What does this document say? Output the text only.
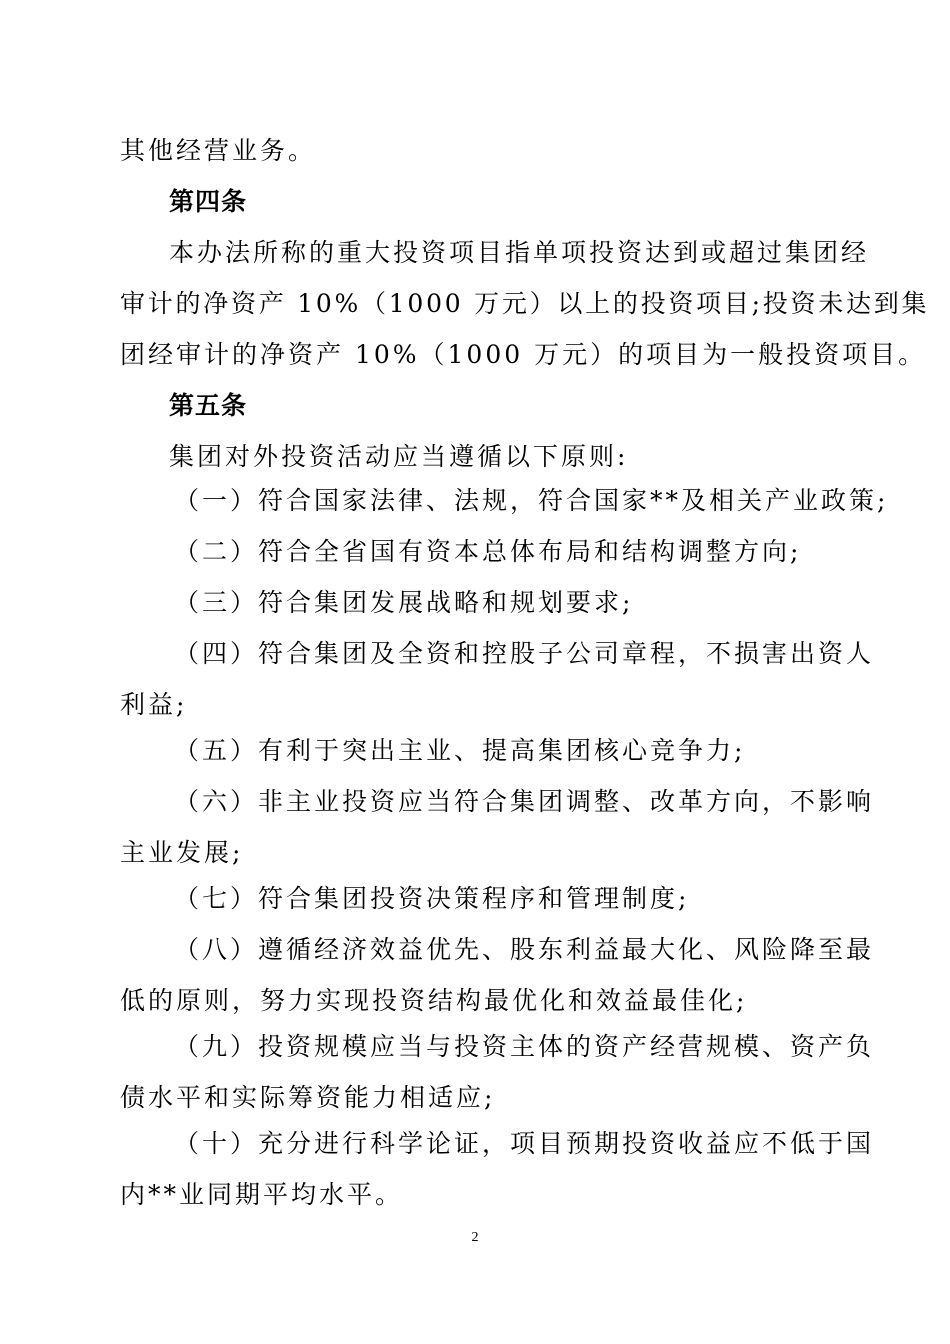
其他经营业务。
第四条
本办法所称的重大投资项目指单项投资达到或超过集团经
审计的净资产 10%（1000 万元）以上的投资项目;投资未达到集
团经审计的净资产 10%（1000 万元）的项目为一般投资项目。
第五条
集团对外投资活动应当遵循以下原则:
（一）符合国家法律、法规，符合国家**及相关产业政策;
（二）符合全省国有资本总体布局和结构调整方向;
（三）符合集团发展战略和规划要求;
（四）符合集团及全资和控股子公司章程，不损害出资人
利益;
（五）有利于突出主业、提高集团核心竞争力;
（六）非主业投资应当符合集团调整、改革方向，不影响
主业发展;
（七）符合集团投资决策程序和管理制度;
（八）遵循经济效益优先、股东利益最大化、风险降至最
低的原则，努力实现投资结构最优化和效益最佳化;
（九）投资规模应当与投资主体的资产经营规模、资产负
债水平和实际筹资能力相适应;
（十）充分进行科学论证，项目预期投资收益应不低于国
内**业同期平均水平。
2
